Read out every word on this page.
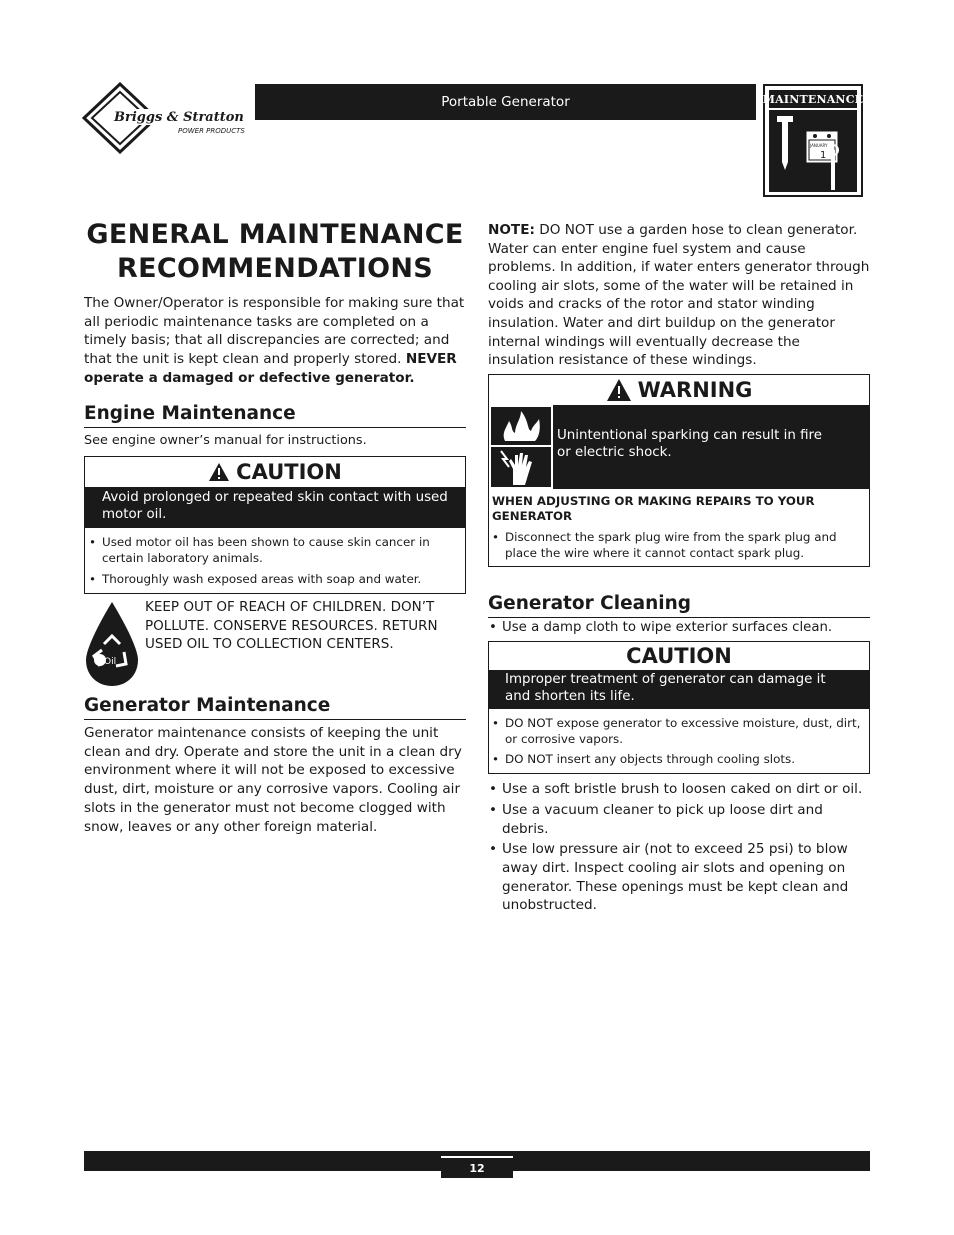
Briggs & Stratton
POWER PRODUCTS
Portable Generator	MAINTENANCE
JANUARY
1
GENERAL MAINTENANCE
RECOMMENDATIONS

The Owner/Operator is responsible for making sure that all periodic maintenance tasks are completed on a timely basis; that all discrepancies are corrected; and that the unit is kept clean and properly stored. NEVER operate a damaged or defective generator.

Engine Maintenance

See engine owner’s manual for instructions.

CAUTION
Avoid prolonged or repeated skin contact with used motor oil.
• Used motor oil has been shown to cause skin cancer in certain laboratory animals.
• Thoroughly wash exposed areas with soap and water.
Oil

KEEP OUT OF REACH OF CHILDREN. DON’T POLLUTE. CONSERVE RESOURCES. RETURN USED OIL TO COLLECTION CENTERS.

Generator Maintenance

Generator maintenance consists of keeping the unit clean and dry. Operate and store the unit in a clean dry environment where it will not be exposed to excessive dust, dirt, moisture or any corrosive vapors. Cooling air slots in the generator must not become clogged with snow, leaves or any other foreign material.

NOTE: DO NOT use a garden hose to clean generator. Water can enter engine fuel system and cause problems. In addition, if water enters generator through cooling air slots, some of the water will be retained in voids and cracks of the rotor and stator winding insulation. Water and dirt buildup on the generator internal windings will eventually decrease the insulation resistance of these windings.

WARNING
Unintentional sparking can result in fire or electric shock.
WHEN ADJUSTING OR MAKING REPAIRS TO YOUR GENERATOR
• Disconnect the spark plug wire from the spark plug and place the wire where it cannot contact spark plug.
Generator Cleaning
• Use a damp cloth to wipe exterior surfaces clean.
CAUTION
Improper treatment of generator can damage it and shorten its life.
• DO NOT expose generator to excessive moisture, dust, dirt, or corrosive vapors.
• DO NOT insert any objects through cooling slots.
• Use a soft bristle brush to loosen caked on dirt or oil.
• Use a vacuum cleaner to pick up loose dirt and debris.
• Use low pressure air (not to exceed 25 psi) to blow away dirt. Inspect cooling air slots and opening on generator. These openings must be kept clean and unobstructed.
12
